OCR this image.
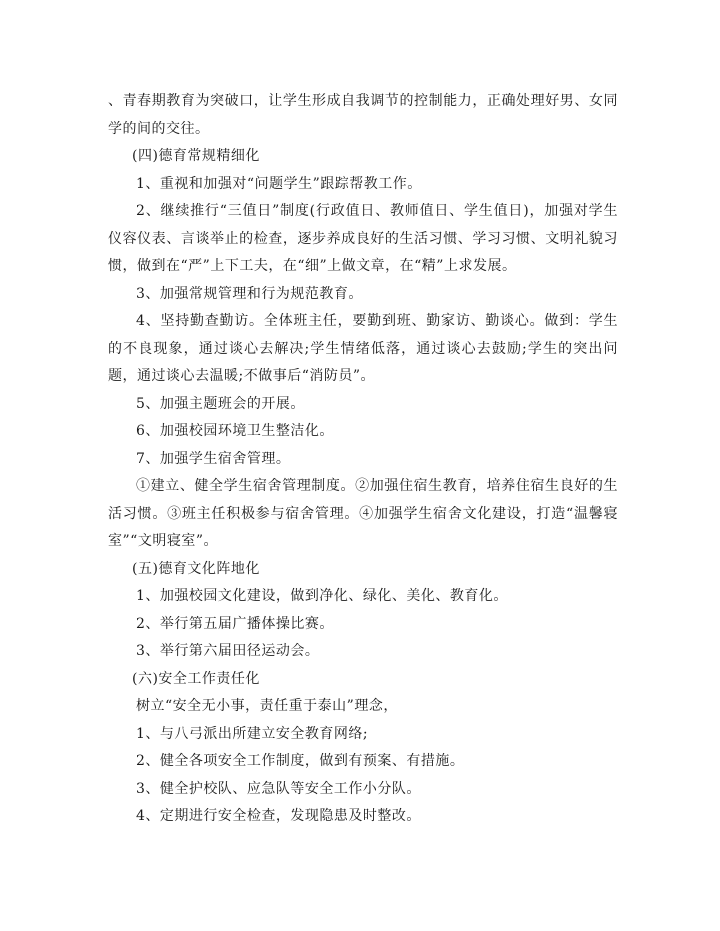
、青春期教育为突破口，让学生形成自我调节的控制能力，正确处理好男、女同学的间的交往。

(四)德育常规精细化

1、重视和加强对“问题学生”跟踪帮教工作。

2、继续推行“三值日”制度(行政值日、教师值日、学生值日)，加强对学生仪容仪表、言谈举止的检查，逐步养成良好的生活习惯、学习习惯、文明礼貌习惯，做到在“严”上下工夫，在“细”上做文章，在“精”上求发展。

3、加强常规管理和行为规范教育。

4、坚持勤查勤访。全体班主任，要勤到班、勤家访、勤谈心。做到：学生的不良现象，通过谈心去解决;学生情绪低落，通过谈心去鼓励;学生的突出问题，通过谈心去温暖;不做事后“消防员”。

5、加强主题班会的开展。

6、加强校园环境卫生整洁化。

7、加强学生宿舍管理。

①建立、健全学生宿舍管理制度。②加强住宿生教育，培养住宿生良好的生活习惯。③班主任积极参与宿舍管理。④加强学生宿舍文化建设，打造“温馨寝室”“文明寝室”。

(五)德育文化阵地化

1、加强校园文化建设，做到净化、绿化、美化、教育化。

2、举行第五届广播体操比赛。

3、举行第六届田径运动会。

(六)安全工作责任化

树立“安全无小事，责任重于泰山”理念，

1、与八弓派出所建立安全教育网络;

2、健全各项安全工作制度，做到有预案、有措施。

3、健全护校队、应急队等安全工作小分队。

4、定期进行安全检查，发现隐患及时整改。
